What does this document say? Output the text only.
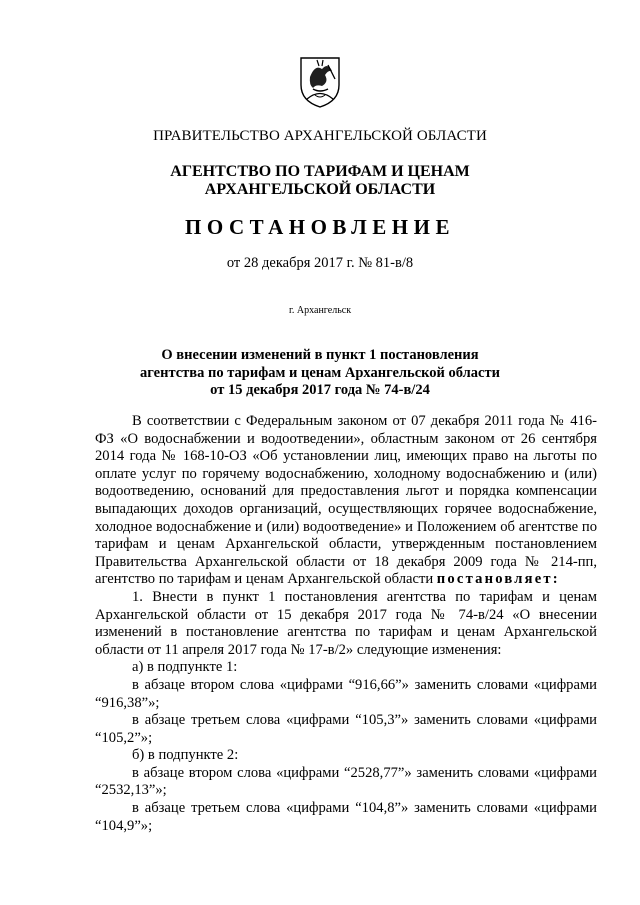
ПРАВИТЕЛЬСТВО АРХАНГЕЛЬСКОЙ ОБЛАСТИ
АГЕНТСТВО ПО ТАРИФАМ И ЦЕНАМ
АРХАНГЕЛЬСКОЙ ОБЛАСТИ
ПОСТАНОВЛЕНИЕ
от 28 декабря 2017 г. № 81-в/8
г. Архангельск
О внесении изменений в пункт 1 постановления
агентства по тарифам и ценам Архангельской области
от 15 декабря 2017 года № 74-в/24
В соответствии с Федеральным законом от 07 декабря 2011 года № 416-ФЗ «О водоснабжении и водоотведении», областным законом от 26 сентября 2014 года № 168-10-ОЗ «Об установлении лиц, имеющих право на льготы по оплате услуг по горячему водоснабжению, холодному водоснабжению и (или) водоотведению, оснований для предоставления льгот и порядка компенсации выпадающих доходов организаций, осуществляющих горячее водоснабжение, холодное водоснабжение и (или) водоотведение» и Положением об агентстве по тарифам и ценам Архангельской области, утвержденным постановлением Правительства Архангельской области от 18 декабря 2009 года № 214-пп, агентство по тарифам и ценам Архангельской области постановляет:
1. Внести в пункт 1 постановления агентства по тарифам и ценам Архангельской области от 15 декабря 2017 года № 74-в/24 «О внесении изменений в постановление агентства по тарифам и ценам Архангельской области от 11 апреля 2017 года № 17-в/2» следующие изменения:
а) в подпункте 1:
в абзаце втором слова «цифрами “916,66”» заменить словами «цифрами “916,38”»;
в абзаце третьем слова «цифрами “105,3”» заменить словами «цифрами “105,2”»;
б) в подпункте 2:
в абзаце втором слова «цифрами “2528,77”» заменить словами «цифрами “2532,13”»;
в абзаце третьем слова «цифрами “104,8”» заменить словами «цифрами “104,9”»;
